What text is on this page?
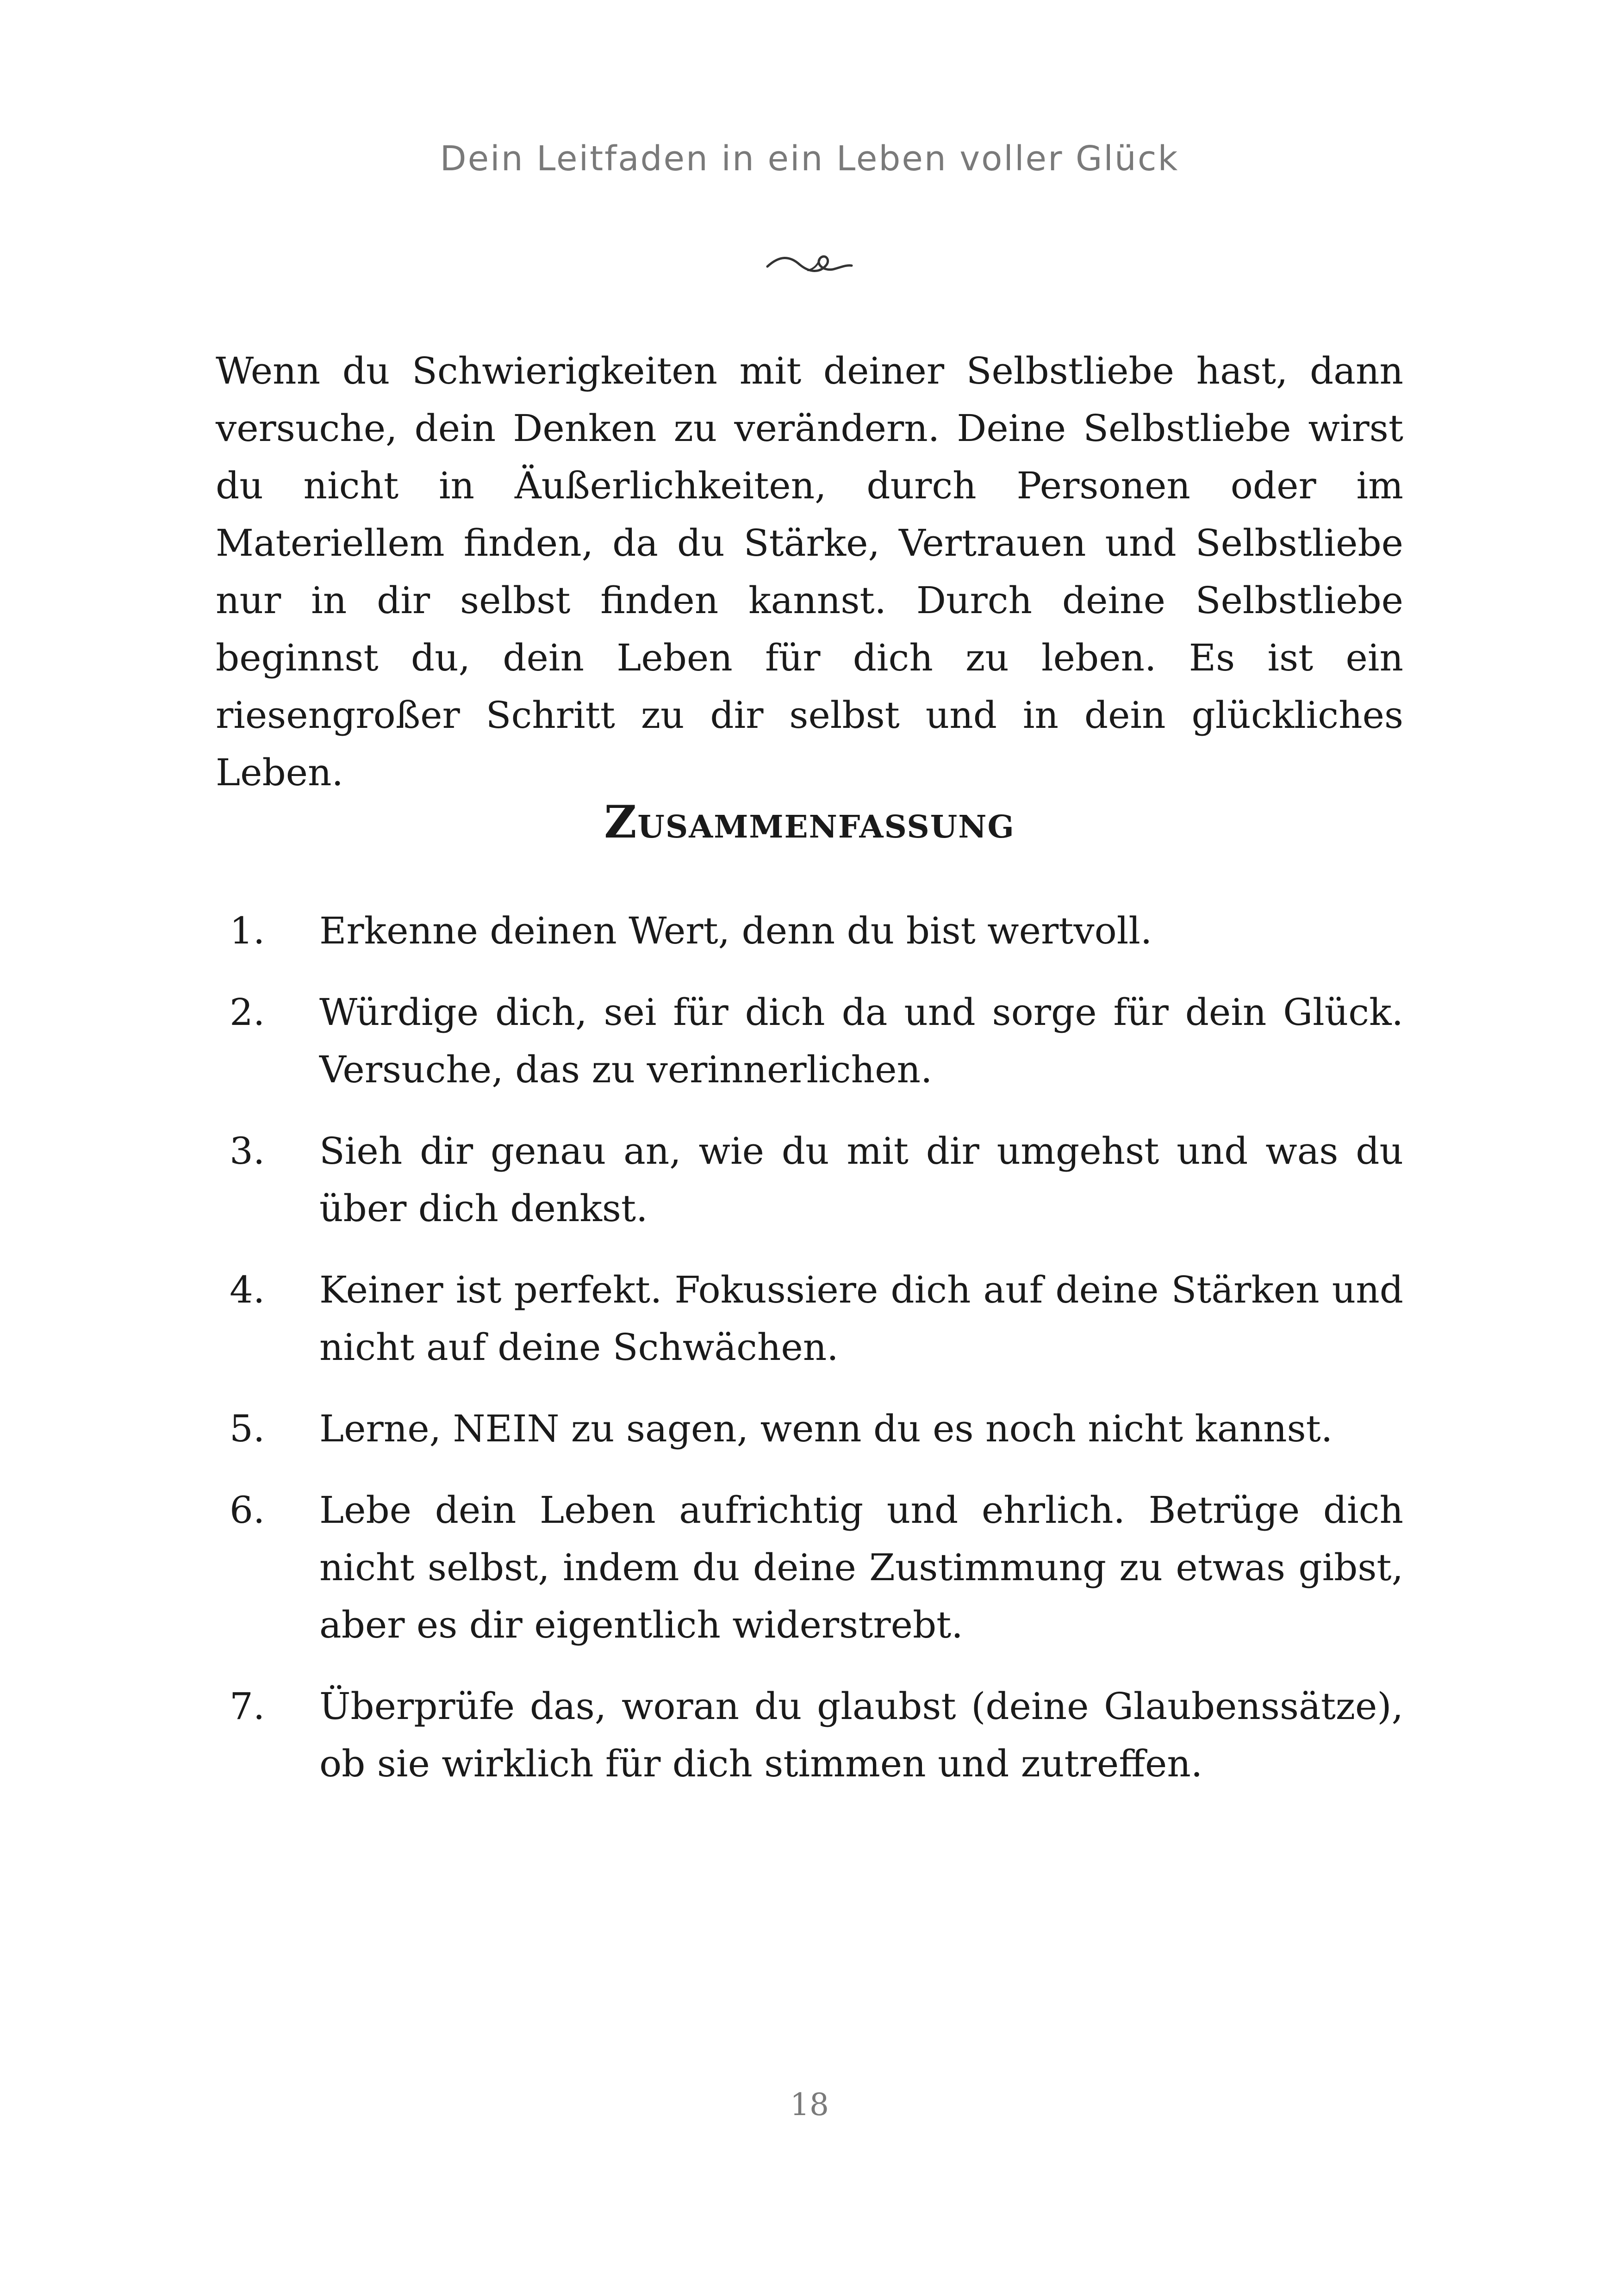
Dein Leitfaden in ein Leben voller Glück

Wenn du Schwierigkeiten mit deiner Selbstliebe hast, dann versuche, dein Denken zu verändern. Deine Selbstliebe wirst du nicht in Äußerlichkeiten, durch Personen oder im Materiellem finden, da du Stärke, Vertrauen und Selbstliebe nur in dir selbst finden kannst. Durch deine Selbstliebe beginnst du, dein Leben für dich zu leben. Es ist ein riesengroßer Schritt zu dir selbst und in dein glückliches Leben.

Zusammenfassung
1.	Erkenne deinen Wert, denn du bist wertvoll.
2.	Würdige dich, sei für dich da und sorge für dein Glück. Versuche, das zu verinnerlichen.
3.	Sieh dir genau an, wie du mit dir umgehst und was du über dich denkst.
4.	Keiner ist perfekt. Fokussiere dich auf deine Stärken und nicht auf deine Schwächen.
5.	Lerne, NEIN zu sagen, wenn du es noch nicht kannst.
6.	Lebe dein Leben aufrichtig und ehrlich. Betrüge dich nicht selbst, indem du deine Zustimmung zu etwas gibst, aber es dir eigentlich widerstrebt.
7.	Überprüfe das, woran du glaubst (deine Glaubenssätze), ob sie wirklich für dich stimmen und zutreffen.
18
